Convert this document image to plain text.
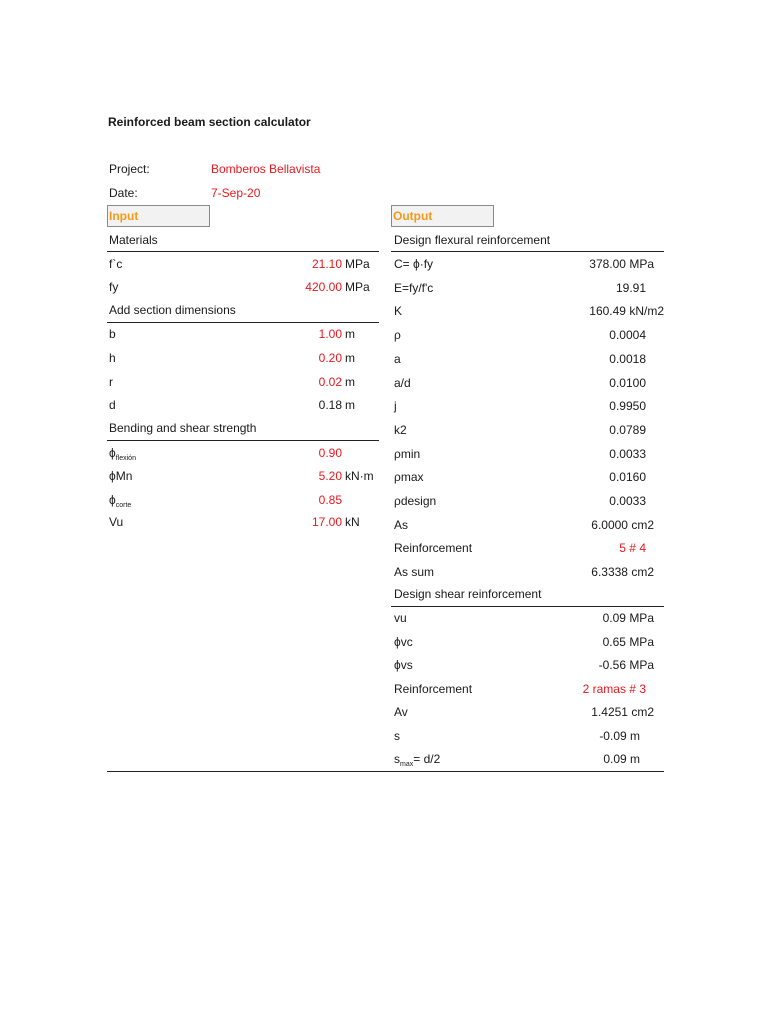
Reinforced beam section calculator
Project:	Bomberos Bellavista
Date:	7-Sep-20
Input	Output
Materials
f`c	21.10 MPa
fy	420.00 MPa
Add section dimensions
b	1.00 m
h	0.20 m
r	0.02 m
d	0.18 m
Bending and shear strength
$\phi_{flexión}$	0.90
ϕMn	5.20 kN·m
$\phi_{corte}$	0.85
Vu	17.00 kN
Design flexural reinforcement
C= ϕ·fy	378.00 MPa
E=fy/f'c	19.91
K	160.49 kN/m2
ρ	0.0004
a	0.0018
a/d	0.0100
j	0.9950
k2	0.0789
ρmin	0.0033
ρmax	0.0160
ρdesign	0.0033
As	6.0000 cm2
Reinforcement	5 # 4
As sum	6.3338 cm2
Design shear reinforcement
vu	0.09 MPa
ϕvc	0.65 MPa
ϕvs	-0.56 MPa
Reinforcement	2 ramas # 3
Av	1.4251 cm2
s	-0.09 m
$s_{max}= d/2$	0.09 m
